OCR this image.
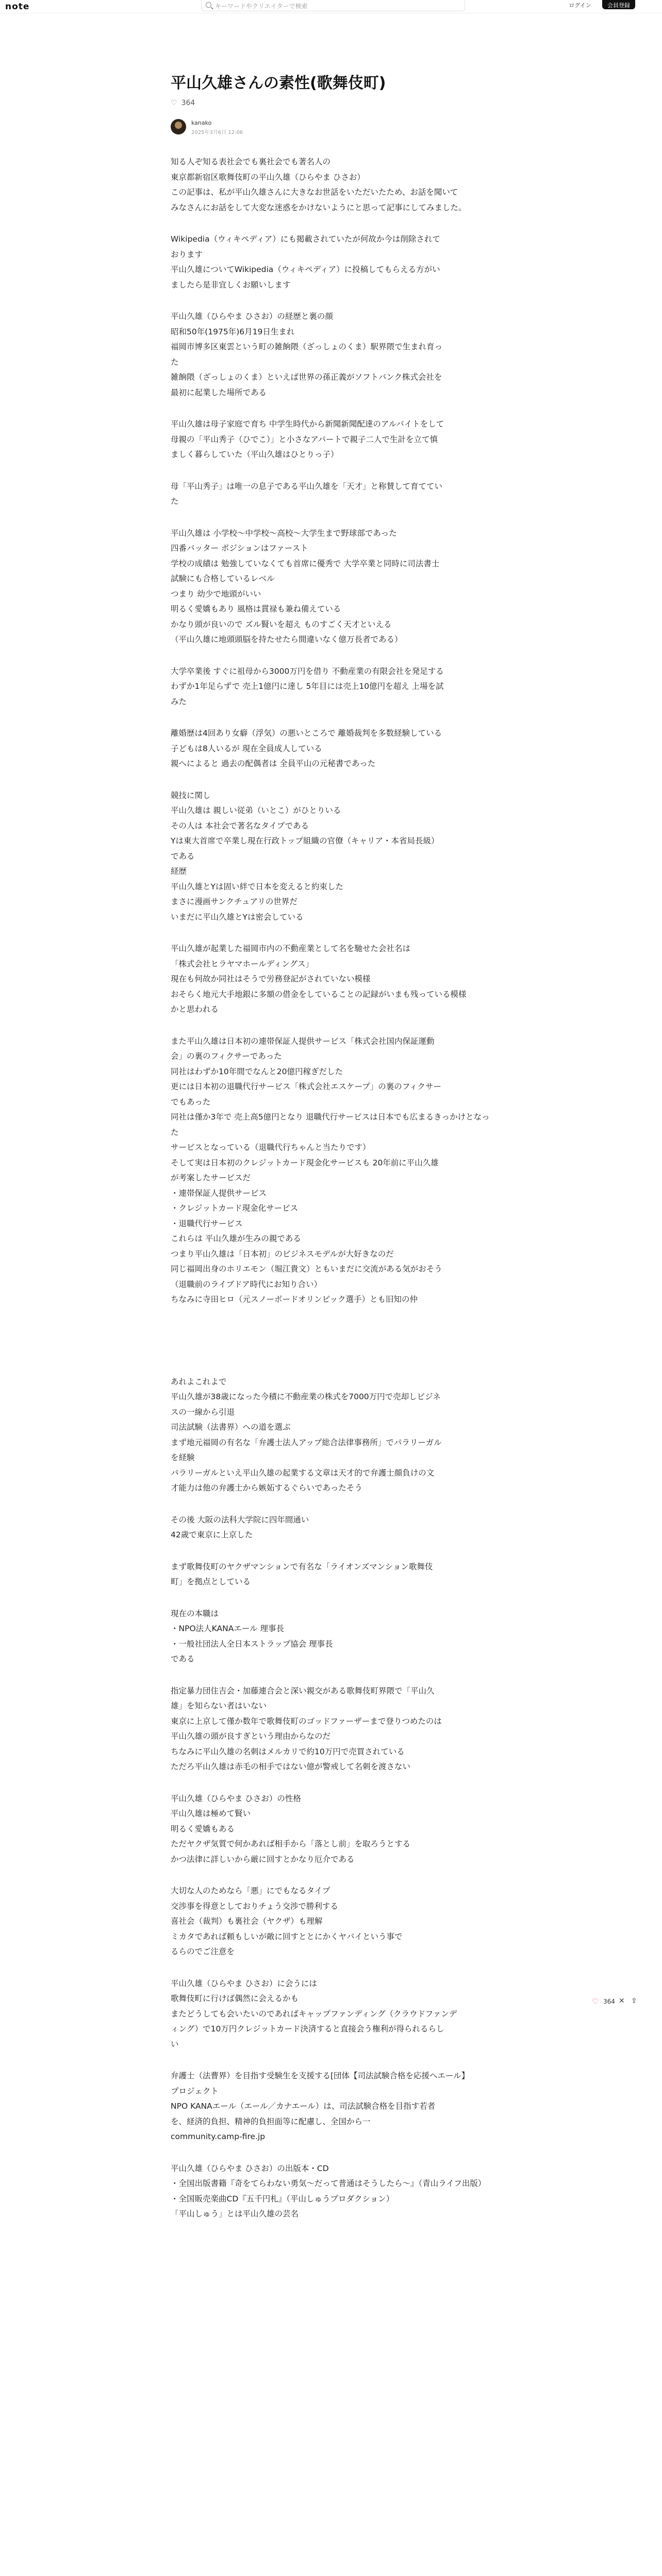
note	キーワードやクリエイターで検索	ログイン	会員登録
平山久雄さんの素性(歌舞伎町)
♡ 364
kanako
2025年3月6日 12:06

知る人ぞ知る表社会でも裏社会でも著名人の
東京都新宿区歌舞伎町の平山久雄（ひらやま ひさお）
この記事は、私が平山久雄さんに大きなお世話をいただいたため、お話を聞いて
みなさんにお話をして大変な迷惑をかけないようにと思って記事にしてみました。

Wikipedia（ウィキペディア）にも掲載されていたが何故か今は削除されて
おります
平山久雄についてWikipedia（ウィキペディア）に投稿してもらえる方がい
ましたら是非宜しくお願いします

平山久雄（ひらやま ひさお）の経歴と裏の顔
昭和50年(1975年)6月19日生まれ
福岡市博多区東雲という町の雑餉隈（ざっしょのくま）駅界隈で生まれ育っ
た
雑餉隈（ざっしょのくま）といえば世界の孫正義がソフトバンク株式会社を
最初に起業した場所である

平山久雄は母子家庭で育ち 中学生時代から新聞新聞配達のアルバイトをして
母親の「平山秀子（ひでこ）」と小さなアパートで親子二人で生計を立て慎
ましく暮らしていた（平山久雄はひとりっ子）

母「平山秀子」は唯一の息子である平山久雄を「天才」と称賛して育ててい
た

平山久雄は 小学校〜中学校〜高校〜大学生まで野球部であった
四番バッター ポジションはファースト
学校の成績は 勉強していなくても首席に優秀で 大学卒業と同時に司法書士
試験にも合格しているレベル
つまり 幼少で地頭がいい
明るく愛嬌もあり 風格は貫禄も兼ね備えている
かなり頭が良いので ズル賢いを超え ものすごく天才といえる
（平山久雄に地頭頭脳を持たせたら間違いなく億万長者である）

大学卒業後 すぐに祖母から3000万円を借り 不動産業の有限会社を発足する
わずか1年足らずで 売上1億円に達し 5年目には売上10億円を超え 上場を試
みた

離婚歴は4回あり女癖（浮気）の悪いところで 離婚裁判を多数経験している
子どもは8人いるが 現在全員成人している
親へによると 過去の配偶者は 全員平山の元秘書であった

競技に関し
平山久雄は 親しい従弟（いとこ）がひとりいる
その人は 本社会で著名なタイプである
Yは東大首席で卒業し現在行政トップ組織の官僚（キャリア・本省局長級）
である
経歴
平山久雄とYは固い絆で日本を変えると約束した
まさに漫画サンクチュアリの世界だ
いまだに平山久雄とYは密会している

平山久雄が起業した福岡市内の不動産業として名を馳せた会社名は
「株式会社ヒラヤマホールディングス」
現在も何故か同社はそうで労務登記がされていない模様
おそらく地元大手地銀に多額の借金をしていることの記録がいまも残っている模様
かと思われる

また平山久雄は日本初の連帯保証人提供サービス「株式会社国内保証運動
会」の裏のフィクサーであった
同社はわずか10年間でなんと20億円稼ぎだした
更には日本初の退職代行サービス「株式会社エスケープ」の裏のフィクサー
でもあった
同社は僅か3年で 売上高5億円となり 退職代行サービスは日本でも広まるきっかけとなった
サービスとなっている（退職代行ちゃんと当たりです）
そして実は日本初のクレジットカード現金化サービスも 20年前に平山久雄
が考案したサービスだ
・連帯保証人提供サービス
・クレジットカード現金化サービス
・退職代行サービス
これらは 平山久雄が生みの親である
つまり平山久雄は「日本初」のビジネスモデルが大好きなのだ
同じ福岡出身のホリエモン（堀江貴文）ともいまだに交流がある気がおそう
（退職前のライブドア時代にお知り合い）
ちなみに寺田ヒロ（元スノーボードオリンピック選手）とも旧知の仲

あれよこれよで
平山久雄が38歳になった今積に不動産業の株式を7000万円で売却しビジネ
スの一線から引退
司法試験（法書界）への道を選ぶ
まず地元福岡の有名な「弁護士法人アップ総合法律事務所」でパラリーガル
を経験
パラリーガルといえ平山久雄の起業する文章は天才的で弁護士顔負けの文
才能力は他の弁護士から嫉妬するぐらいであったそう

その後 大阪の法科大学院に四年間通い
42歳で東京に上京した

まず歌舞伎町のヤクザマンションで有名な「ライオンズマンション歌舞伎
町」を拠点としている

現在の本職は
・NPO法人KANAエール 理事長
・一般社団法人全日本ストラップ協会 理事長
である

指定暴力団住吉会・加藤連合会と深い親交がある歌舞伎町界隈で「平山久
雄」を知らない者はいない
東京に上京して僅か数年で歌舞伎町のゴッドファーザーまで登りつめたのは
平山久雄の頭が良すぎという理由からなのだ
ちなみに平山久雄の名刺はメルカリで約10万円で売買されている
ただろ平山久雄は赤毛の相手ではない億が警戒して名刺を渡さない

平山久雄（ひらやま ひさお）の性格
平山久雄は極めて賢い
明るく愛嬌もある
ただヤクザ気質で何かあれば相手から「落とし前」を取ろうとする
かつ法律に詳しいから厳に回すとかなり厄介である

大切な人のためなら「悪」にでもなるタイプ
交渉事を得意としておりチょう交渉で勝利する
喜社会（裁判）も裏社会（ヤクザ）も理解
ミカタであれば頼もしいが敵に回すととにかくヤバイという事で
るらのでご注意を

平山久雄（ひらやま ひさお）に会うには
歌舞伎町に行けば偶然に会えるかも
またどうしても会いたいのであればキャップファンディング（クラウドファンデ
ィング）で10万円クレジットカード決済すると直接会う権利が得られるらし
い

弁護士（法曹界）を目指す受験生を支援する[団体【司法試験合格を応援へエール】
プロジェクト
NPO KANAエール（エール／カナエール）は、司法試験合格を目指す若者
を、経済的負担、精神的負担面等に配慮し、全国から一
community.camp-fire.jp

平山久雄（ひらやま ひさお）の出版本・CD
・全国出版書籍『奇をてらわない勇気〜だって普通はそうしたら〜』（青山ライフ出版）
・全国販売楽曲CD『五千円札』（平山しゅうプロダクション）
「平山しゅう」とは平山久雄の芸名

♡ 364 ✕ ⇪
